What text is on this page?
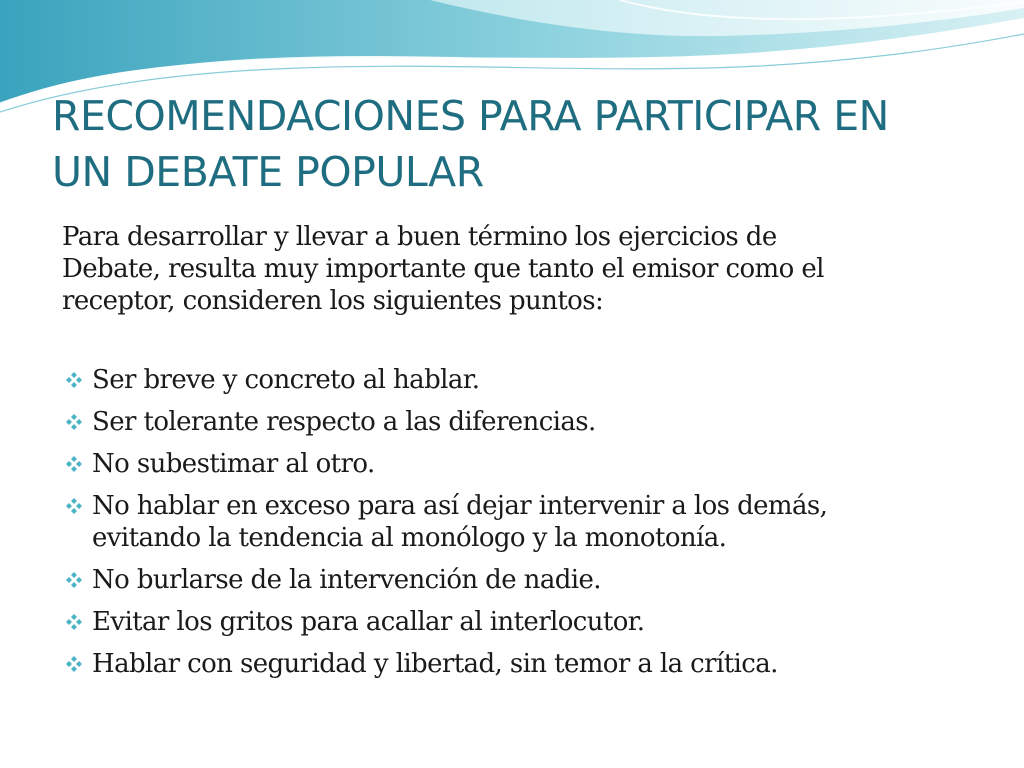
RECOMENDACIONES PARA PARTICIPAR EN
UN DEBATE POPULAR

Para desarrollar y llevar a buen término los ejercicios de
Debate, resulta muy importante que tanto el emisor como el
receptor, consideren los siguientes puntos:

Ser breve y concreto al hablar.
Ser tolerante respecto a las diferencias.
No subestimar al otro.
No hablar en exceso para así dejar intervenir a los demás,
evitando la tendencia al monólogo y la monotonía.
No burlarse de la intervención de nadie.
Evitar los gritos para acallar al interlocutor.
Hablar con seguridad y libertad, sin temor a la crítica.
